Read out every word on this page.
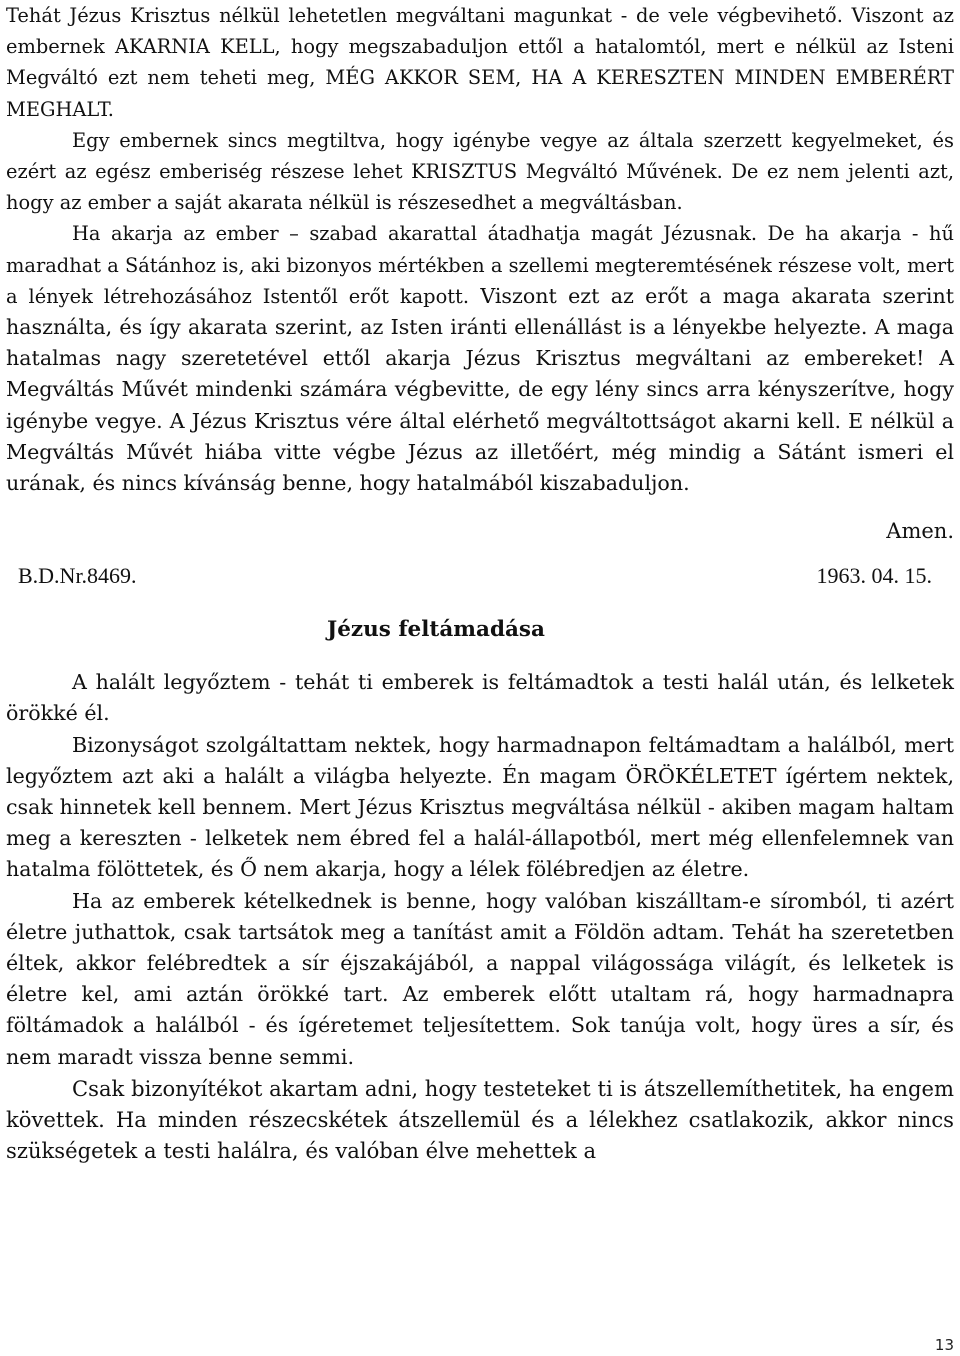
Tehát Jézus Krisztus nélkül lehetetlen megváltani magunkat - de vele végbevihető. Viszont az embernek AKARNIA KELL, hogy megszabaduljon ettől a hatalomtól, mert e nélkül az Isteni Megváltó ezt nem teheti meg, MÉG AKKOR SEM, HA A KERESZTEN MINDEN EMBERÉRT MEGHALT.

Egy embernek sincs megtiltva, hogy igénybe vegye az általa szerzett kegyelmeket, és ezért az egész emberiség részese lehet KRISZTUS Megváltó Művének. De ez nem jelenti azt, hogy az ember a saját akarata nélkül is részesedhet a megváltásban.

Ha akarja az ember – szabad akarattal átadhatja magát Jézusnak. De ha akarja - hű maradhat a Sátánhoz is, aki bizonyos mértékben a szellemi megteremtésének részese volt, mert a lények létrehozásához Istentől erőt kapott. Viszont ezt az erőt a maga akarata szerint használta, és így akarata szerint, az Isten iránti ellenállást is a lényekbe helyezte. A maga hatalmas nagy szeretetével ettől akarja Jézus Krisztus megváltani az embereket! A Megváltás Művét mindenki számára végbevitte, de egy lény sincs arra kényszerítve, hogy igénybe vegye. A Jézus Krisztus vére által elérhető megváltottságot akarni kell. E nélkül a Megváltás Művét hiába vitte végbe Jézus az illetőért, még mindig a Sátánt ismeri el urának, és nincs kívánság benne, hogy hatalmából kiszabaduljon.

Amen.

B.D.Nr.8469.	1963. 04. 15.
Jézus feltámadása

A halált legyőztem - tehát ti emberek is feltámadtok a testi halál után, és lelketek örökké él.

Bizonyságot szolgáltattam nektek, hogy harmadnapon feltámadtam a halálból, mert legyőztem azt aki a halált a világba helyezte. Én magam ÖRÖKÉLETET ígértem nektek, csak hinnetek kell bennem. Mert Jézus Krisztus megváltása nélkül - akiben magam haltam meg a kereszten - lelketek nem ébred fel a halál-állapotból, mert még ellenfelemnek van hatalma fölöttetek, és Ő nem akarja, hogy a lélek fölébredjen az életre.

Ha az emberek kételkednek is benne, hogy valóban kiszálltam-e síromból, ti azért életre juthattok, csak tartsátok meg a tanítást amit a Földön adtam. Tehát ha szeretetben éltek, akkor felébredtek a sír éjszakájából, a nappal világossága világít, és lelketek is életre kel, ami aztán örökké tart. Az emberek előtt utaltam rá, hogy harmadnapra föltámadok a halálból - és ígéretemet teljesítettem. Sok tanúja volt, hogy üres a sír, és nem maradt vissza benne semmi.

Csak bizonyítékot akartam adni, hogy testeteket ti is átszellemíthetitek, ha engem követtek. Ha minden részecskétek átszellemül és a lélekhez csatlakozik, akkor nincs szükségetek a testi halálra, és valóban élve mehettek a

13
